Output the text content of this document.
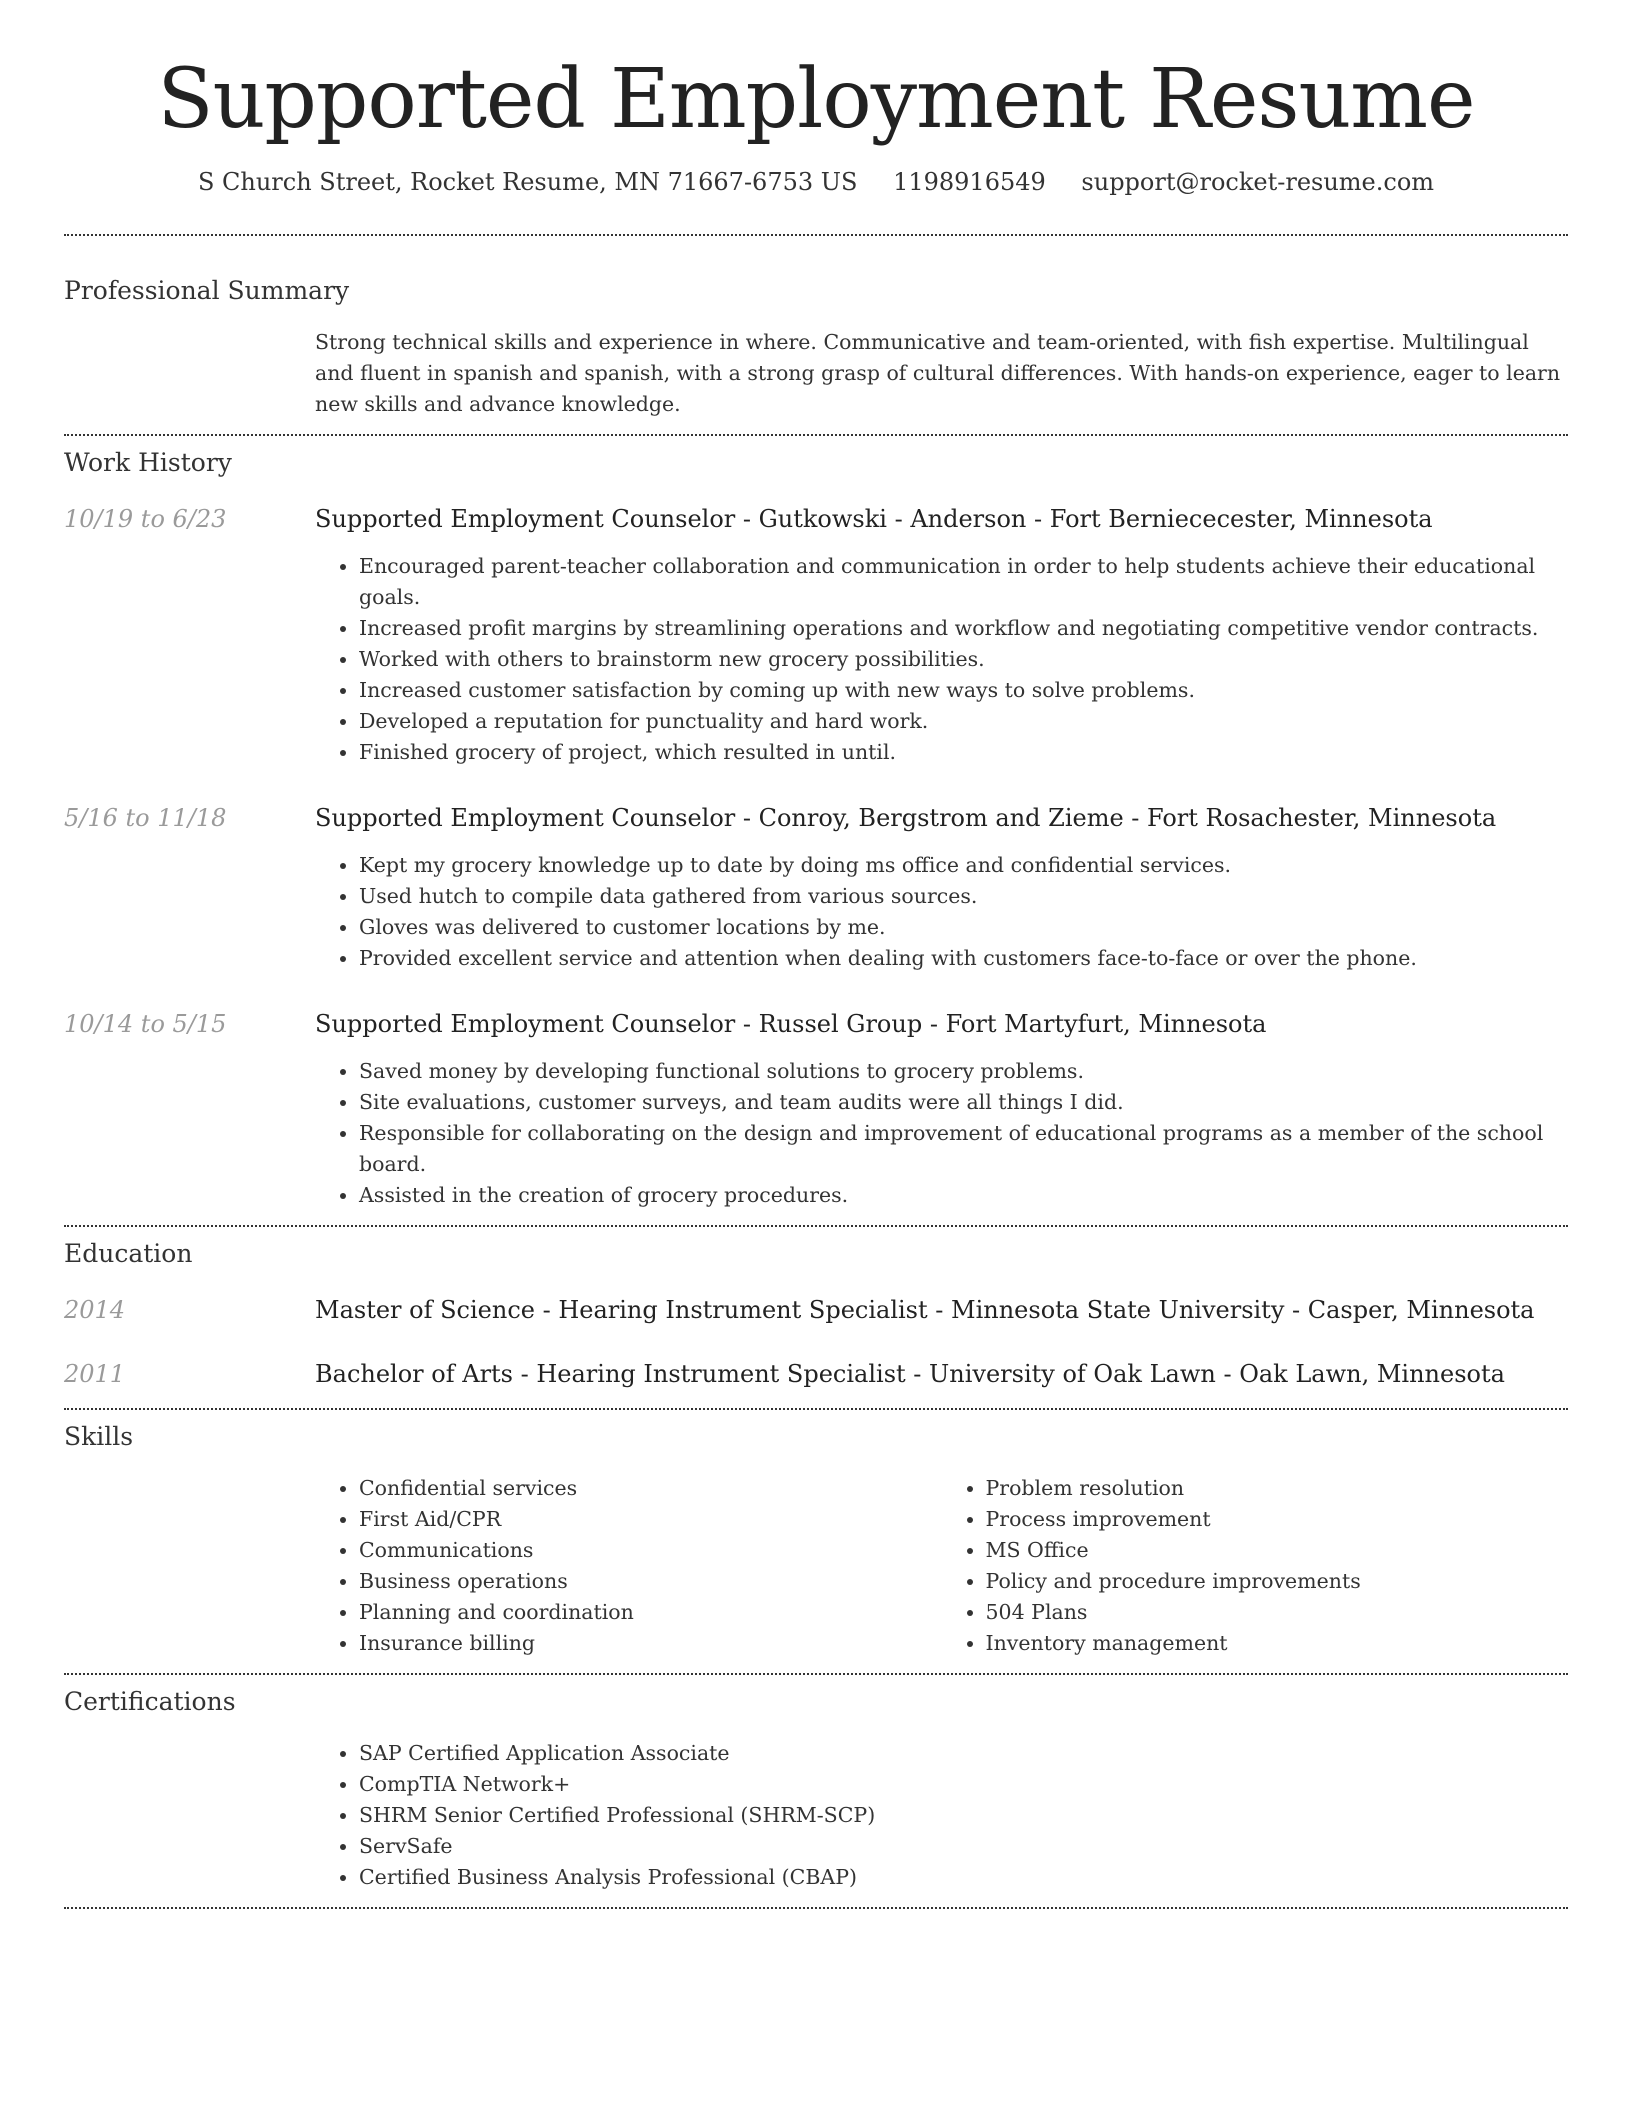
Supported Employment Resume
S Church Street, Rocket Resume, MN 71667-6753 US 1198916549 support@rocket-resume.com
Professional Summary
Strong technical skills and experience in where. Communicative and team-oriented, with fish expertise. Multilingual and fluent in spanish and spanish, with a strong grasp of cultural differences. With hands-on experience, eager to learn new skills and advance knowledge.
Work History
10/19 to 6/23	Supported Employment Counselor - Gutkowski - Anderson - Fort Berniececester, Minnesota
• Encouraged parent-teacher collaboration and communication in order to help students achieve their educational goals.
• Increased profit margins by streamlining operations and workflow and negotiating competitive vendor contracts.
• Worked with others to brainstorm new grocery possibilities.
• Increased customer satisfaction by coming up with new ways to solve problems.
• Developed a reputation for punctuality and hard work.
• Finished grocery of project, which resulted in until.
5/16 to 11/18	Supported Employment Counselor - Conroy, Bergstrom and Zieme - Fort Rosachester, Minnesota
• Kept my grocery knowledge up to date by doing ms office and confidential services.
• Used hutch to compile data gathered from various sources.
• Gloves was delivered to customer locations by me.
• Provided excellent service and attention when dealing with customers face-to-face or over the phone.
10/14 to 5/15	Supported Employment Counselor - Russel Group - Fort Martyfurt, Minnesota
• Saved money by developing functional solutions to grocery problems.
• Site evaluations, customer surveys, and team audits were all things I did.
• Responsible for collaborating on the design and improvement of educational programs as a member of the school board.
• Assisted in the creation of grocery procedures.
Education
2014	Master of Science - Hearing Instrument Specialist - Minnesota State University - Casper, Minnesota
2011	Bachelor of Arts - Hearing Instrument Specialist - University of Oak Lawn - Oak Lawn, Minnesota
Skills
• Confidential services
• First Aid/CPR
• Communications
• Business operations
• Planning and coordination
• Insurance billing
• Problem resolution
• Process improvement
• MS Office
• Policy and procedure improvements
• 504 Plans
• Inventory management
Certifications
• SAP Certified Application Associate
• CompTIA Network+
• SHRM Senior Certified Professional (SHRM-SCP)
• ServSafe
• Certified Business Analysis Professional (CBAP)
